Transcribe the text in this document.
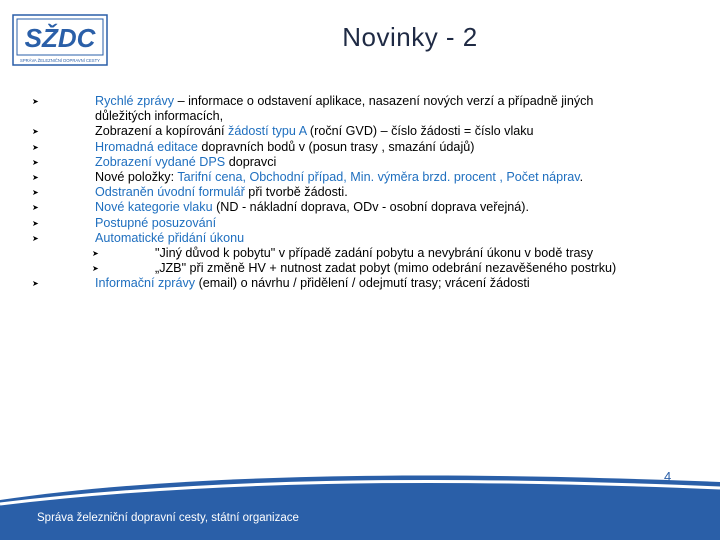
SŽDC
SPRÁVA ŽELEZNIČNÍ DOPRAVNÍ CESTY
Novinky - 2
➤	Rychlé zprávy – informace o odstavení aplikace, nasazení nových verzí a případně jiných
důležitých informacích,
➤	Zobrazení a kopírování žádostí typu A (roční GVD) – číslo žádosti = číslo vlaku
➤	Hromadná editace dopravních bodů v (posun trasy , smazání údajů)
➤	Zobrazení vydané DPS dopravci
➤	Nové položky: Tarifní cena, Obchodní případ, Min. výměra brzd. procent , Počet náprav.
➤	Odstraněn úvodní formulář při tvorbě žádosti.
➤	Nové kategorie vlaku (ND - nákladní doprava, ODv - osobní doprava veřejná).
➤	Postupné posuzování
➤	Automatické přidání úkonu
➤	"Jiný důvod k pobytu" v případě zadání pobytu a nevybrání úkonu v bodě trasy
➤	„JZB" při změně HV + nutnost zadat pobyt (mimo odebrání nezavěšeného postrku)
➤	Informační zprávy (email) o návrhu / přidělení / odejmutí trasy; vrácení žádosti
Správa železniční dopravní cesty, státní organizace
4
